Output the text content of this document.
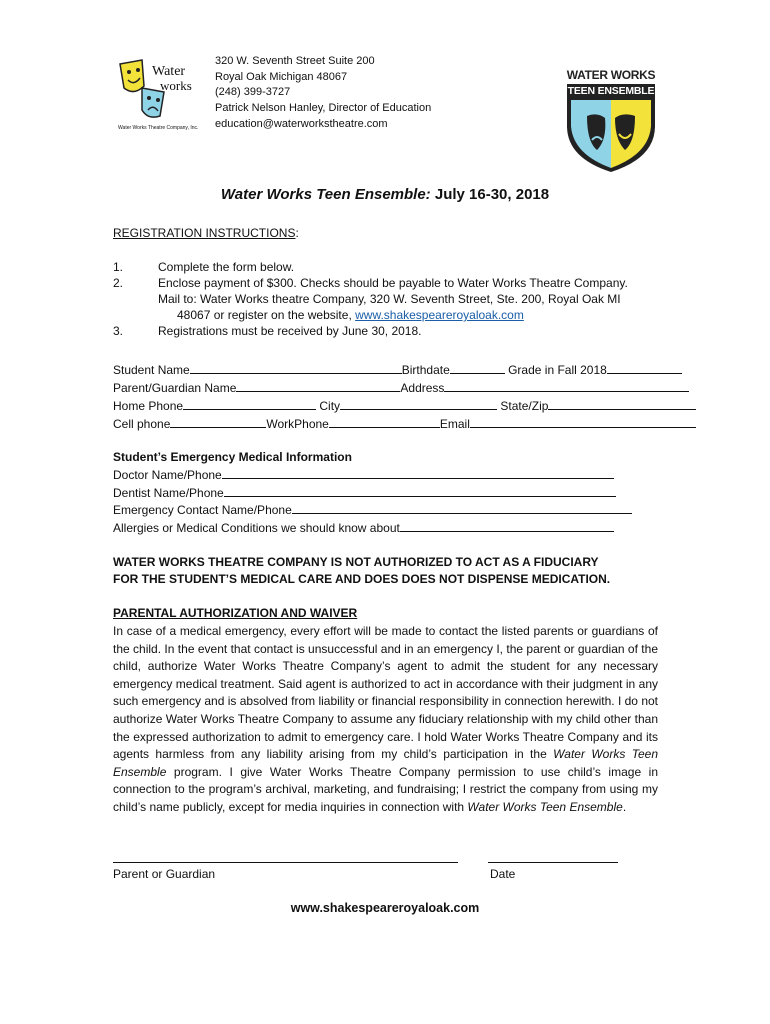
Water
works
Water Works Theatre Company, Inc.
320 W. Seventh Street Suite 200
Royal Oak Michigan 48067
(248) 399-3727
Patrick Nelson Hanley, Director of Education
education@waterworkstheatre.com
WATER WORKS
TEEN ENSEMBLE
Water Works Teen Ensemble: July 16-30, 2018
REGISTRATION INSTRUCTIONS:
1.	Complete the form below.
2.	Enclose payment of $300. Checks should be payable to Water Works Theatre Company.
Mail to: Water Works theatre Company, 320 W. Seventh Street, Ste. 200, Royal Oak MI
48067 or register on the website, www.shakespeareroyaloak.com
3.	Registrations must be received by June 30, 2018.
Student Name	Birthdate	Grade in Fall 2018
Parent/Guardian Name	Address
Home Phone	City	State/Zip
Cell phone	WorkPhone	Email
Student’s Emergency Medical Information
Doctor Name/Phone
Dentist Name/Phone
Emergency Contact Name/Phone
Allergies or Medical Conditions we should know about
WATER WORKS THEATRE COMPANY IS NOT AUTHORIZED TO ACT AS A FIDUCIARY
FOR THE STUDENT’S MEDICAL CARE AND DOES DOES NOT DISPENSE MEDICATION.
PARENTAL AUTHORIZATION AND WAIVER

In case of a medical emergency, every effort will be made to contact the listed parents or guardians of the child. In the event that contact is unsuccessful and in an emergency I, the parent or guardian of the child, authorize Water Works Theatre Company’s agent to admit the student for any necessary emergency medical treatment. Said agent is authorized to act in accordance with their judgment in any such emergency and is absolved from liability or financial responsibility in connection herewith. I do not authorize Water Works Theatre Company to assume any fiduciary relationship with my child other than the expressed authorization to admit to emergency care. I hold Water Works Theatre Company and its agents harmless from any liability arising from my child’s participation in the Water Works Teen Ensemble program. I give Water Works Theatre Company permission to use child’s image in connection to the program’s archival, marketing, and fundraising; I restrict the company from using my child’s name publicly, except for media inquiries in connection with Water Works Teen Ensemble.

Parent or Guardian	Date
www.shakespeareroyaloak.com
